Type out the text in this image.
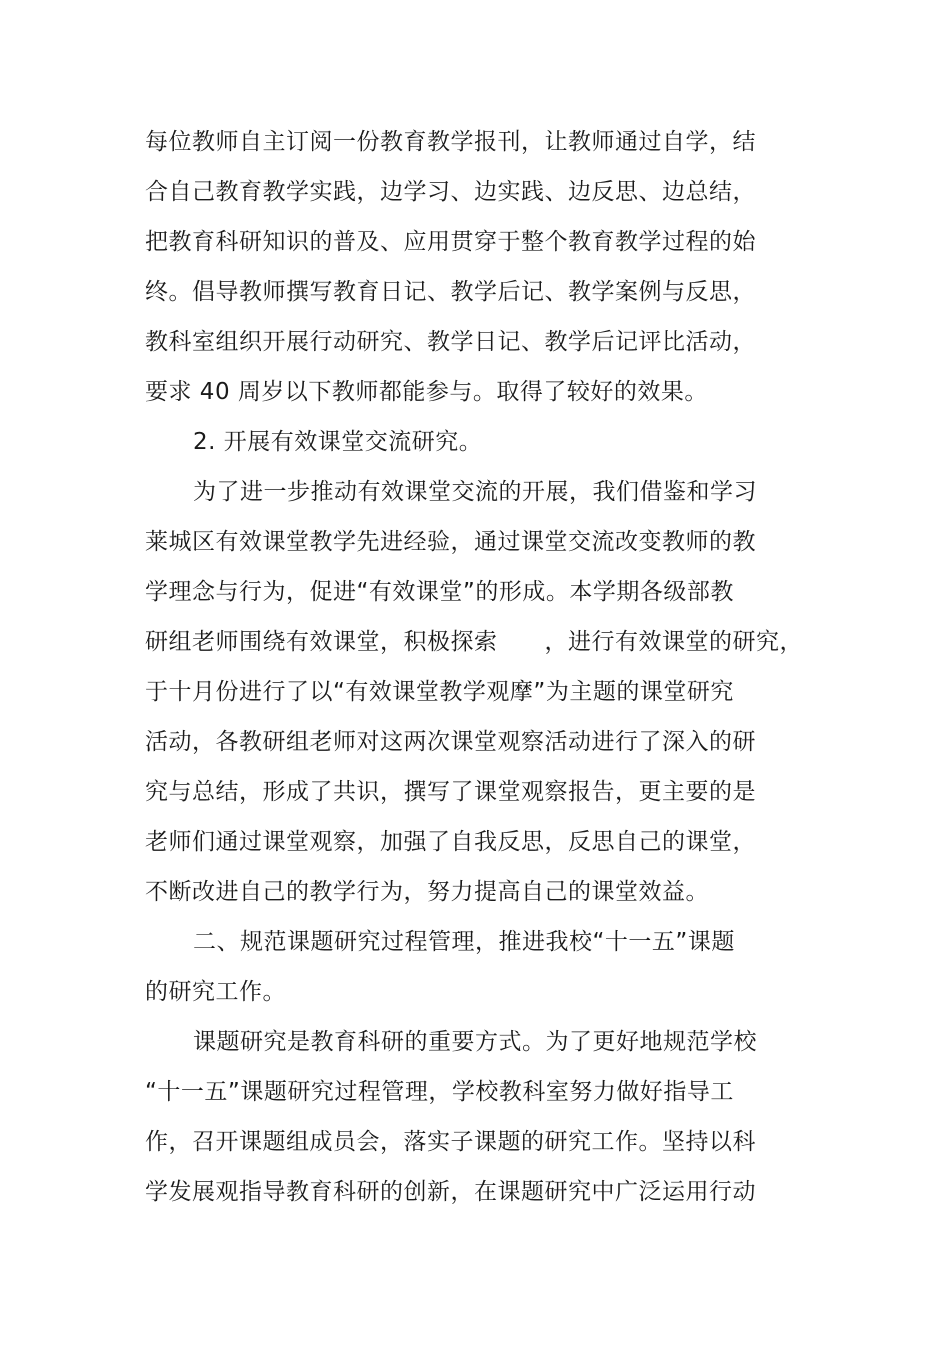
每位教师自主订阅一份教育教学报刊，让教师通过自学，结
合自己教育教学实践，边学习、边实践、边反思、边总结，
把教育科研知识的普及、应用贯穿于整个教育教学过程的始
终。倡导教师撰写教育日记、教学后记、教学案例与反思，
教科室组织开展行动研究、教学日记、教学后记评比活动，
要求 40 周岁以下教师都能参与。取得了较好的效果。
2. 开展有效课堂交流研究。
为了进一步推动有效课堂交流的开展，我们借鉴和学习
莱城区有效课堂教学先进经验，通过课堂交流改变教师的教
学理念与行为，促进“有效课堂”的形成。本学期各级部教
研组老师围绕有效课堂，积极探索　　，进行有效课堂的研究，
于十月份进行了以“有效课堂教学观摩”为主题的课堂研究
活动，各教研组老师对这两次课堂观察活动进行了深入的研
究与总结，形成了共识，撰写了课堂观察报告，更主要的是
老师们通过课堂观察，加强了自我反思，反思自己的课堂，
不断改进自己的教学行为，努力提高自己的课堂效益。
二、规范课题研究过程管理，推进我校“十一五”课题
的研究工作。
课题研究是教育科研的重要方式。为了更好地规范学校
“十一五”课题研究过程管理，学校教科室努力做好指导工
作，召开课题组成员会，落实子课题的研究工作。坚持以科
学发展观指导教育科研的创新，在课题研究中广泛运用行动
